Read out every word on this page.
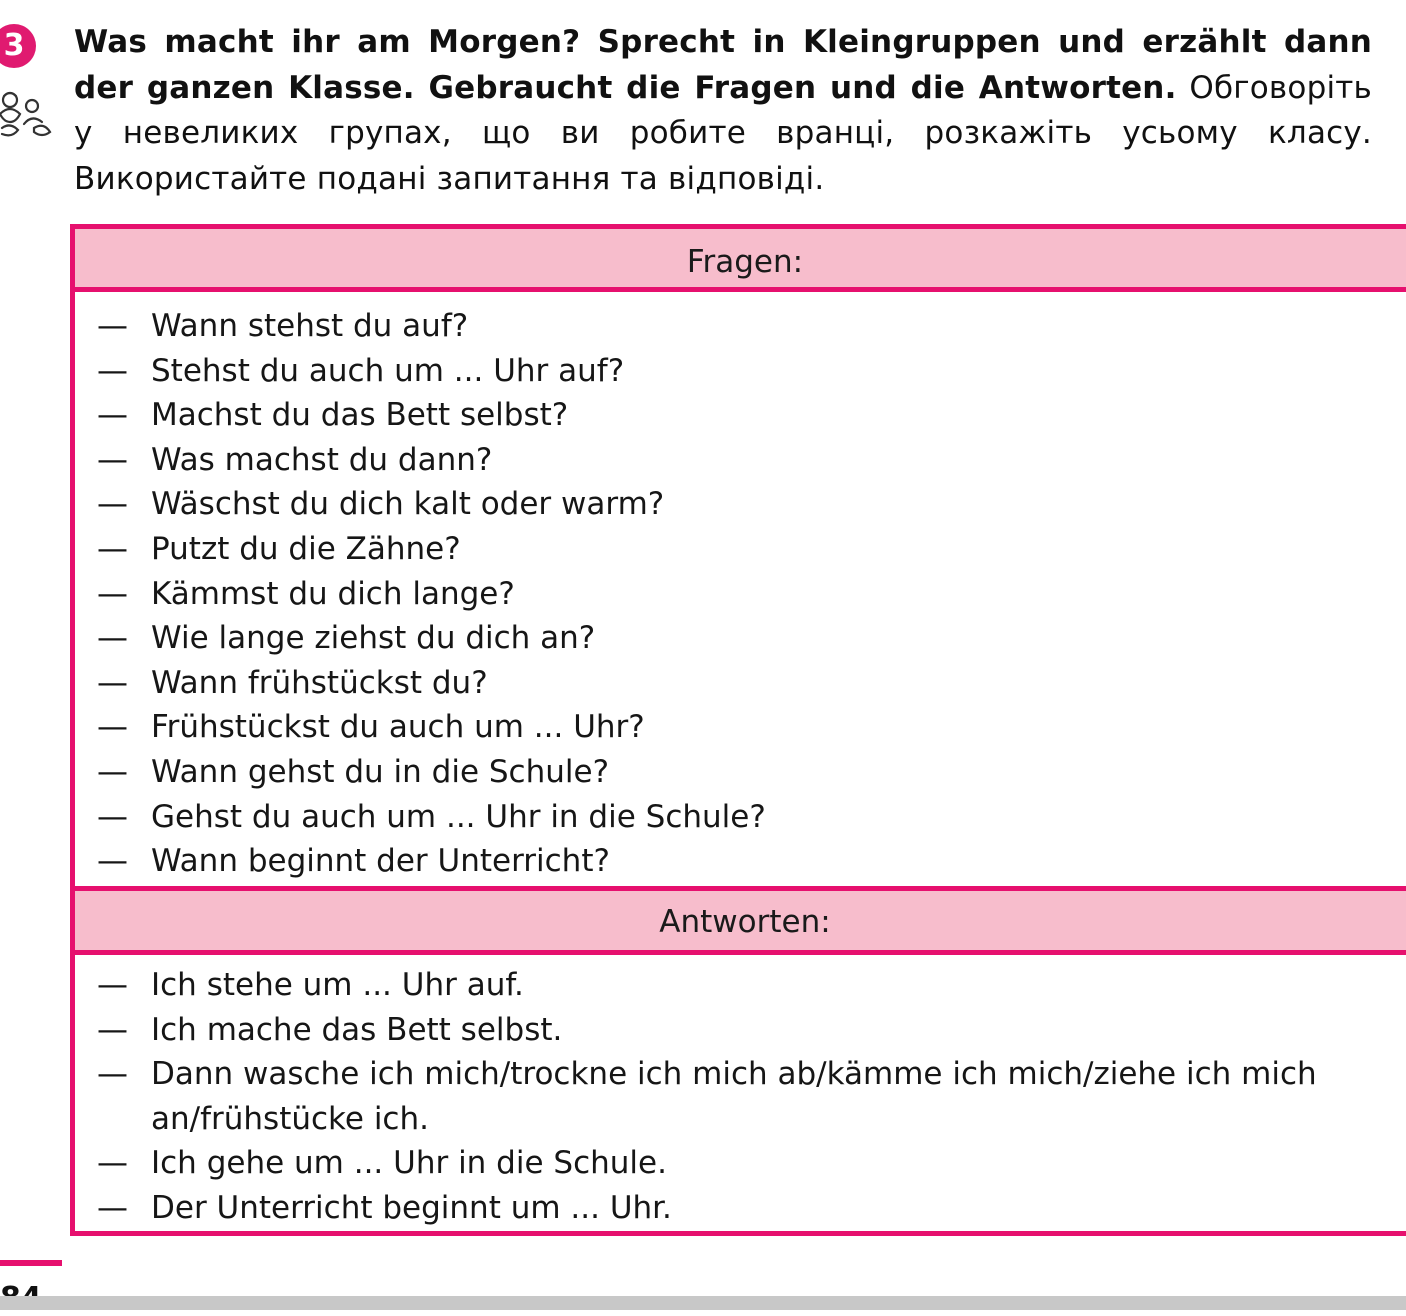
3	Was macht ihr am Morgen? Sprecht in Kleingruppen und erzählt dann der ganzen Klasse. Gebraucht die Fragen und die Antworten. Обговоріть у невеликих групах, що ви робите вранці, розкажіть усьому класу. Використайте подані запитання та відповіді.
Fragen:
— Wann stehst du auf?
— Stehst du auch um ... Uhr auf?
— Machst du das Bett selbst?
— Was machst du dann?
— Wäschst du dich kalt oder warm?
— Putzt du die Zähne?
— Kämmst du dich lange?
— Wie lange ziehst du dich an?
— Wann frühstückst du?
— Frühstückst du auch um ... Uhr?
— Wann gehst du in die Schule?
— Gehst du auch um ... Uhr in die Schule?
— Wann beginnt der Unterricht?
Antworten:
— Ich stehe um ... Uhr auf.
— Ich mache das Bett selbst.
— Dann wasche ich mich/trockne ich mich ab/kämme ich mich/ziehe ich mich an/frühstücke ich.
— Ich gehe um ... Uhr in die Schule.
— Der Unterricht beginnt um ... Uhr.
